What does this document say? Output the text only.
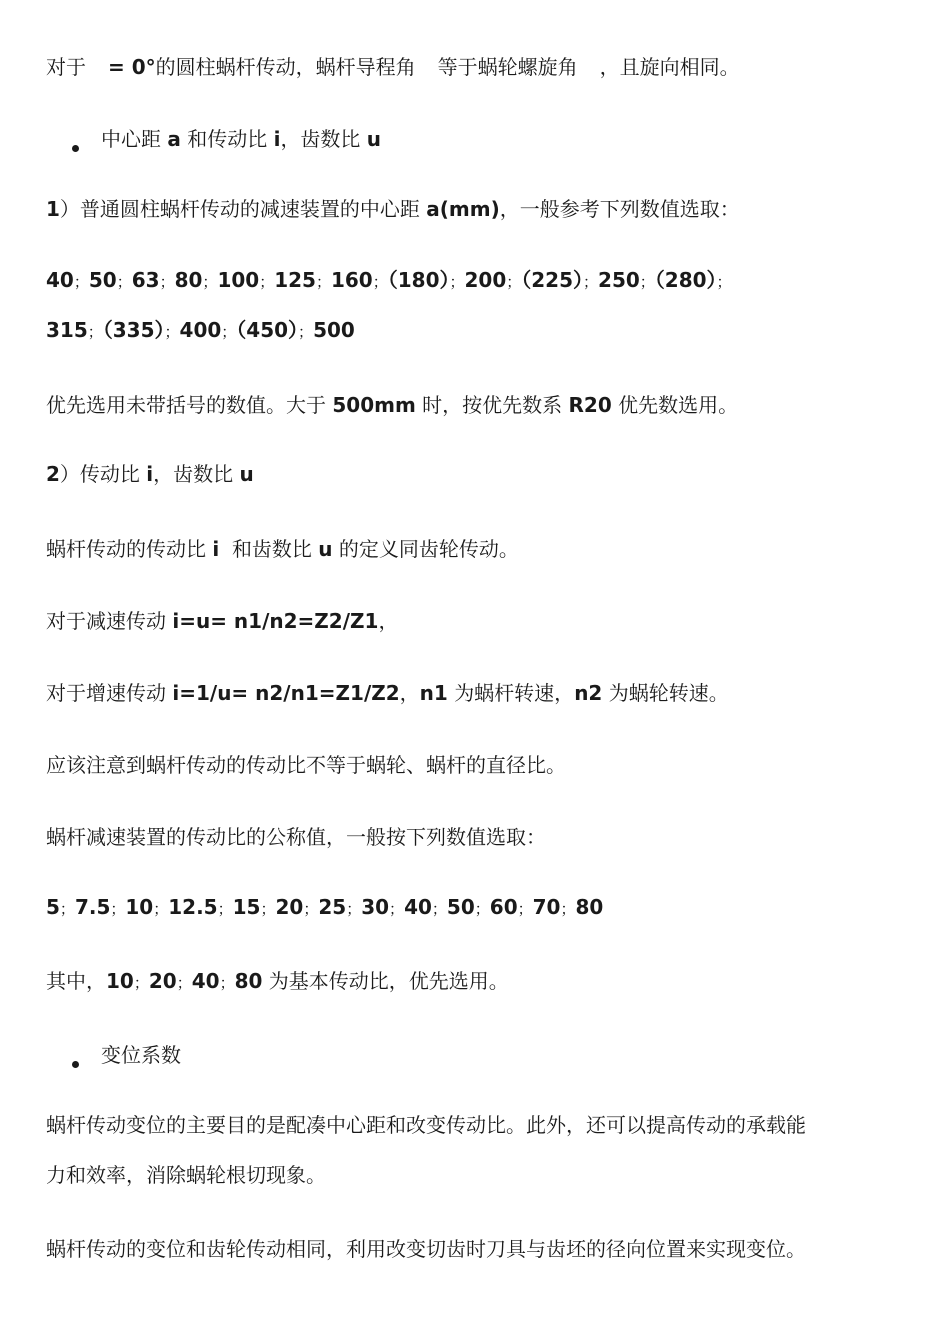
对于 = 0°的圆柱蜗杆传动，蜗杆导程角 等于蜗轮螺旋角 ，且旋向相同。
中心距 a 和传动比 i，齿数比 u
1）普通圆柱蜗杆传动的减速装置的中心距 a(mm)，一般参考下列数值选取：
40；50；63；80；100；125；160；（180）；200；（225）；250；（280）；
315；（335）；400；（450）；500
优先选用未带括号的数值。大于 500mm 时，按优先数系 R20 优先数选用。
2）传动比 i，齿数比 u
蜗杆传动的传动比 i 和齿数比 u 的定义同齿轮传动。
对于减速传动 i=u= n1/n2=Z2/Z1，
对于增速传动 i=1/u= n2/n1=Z1/Z2，n1 为蜗杆转速，n2 为蜗轮转速。
应该注意到蜗杆传动的传动比不等于蜗轮、蜗杆的直径比。
蜗杆减速装置的传动比的公称值，一般按下列数值选取：
5；7.5；10；12.5；15；20；25；30；40；50；60；70；80
其中，10；20；40；80 为基本传动比，优先选用。
变位系数
蜗杆传动变位的主要目的是配凑中心距和改变传动比。此外，还可以提高传动的承载能
力和效率，消除蜗轮根切现象。
蜗杆传动的变位和齿轮传动相同，利用改变切齿时刀具与齿坯的径向位置来实现变位。
